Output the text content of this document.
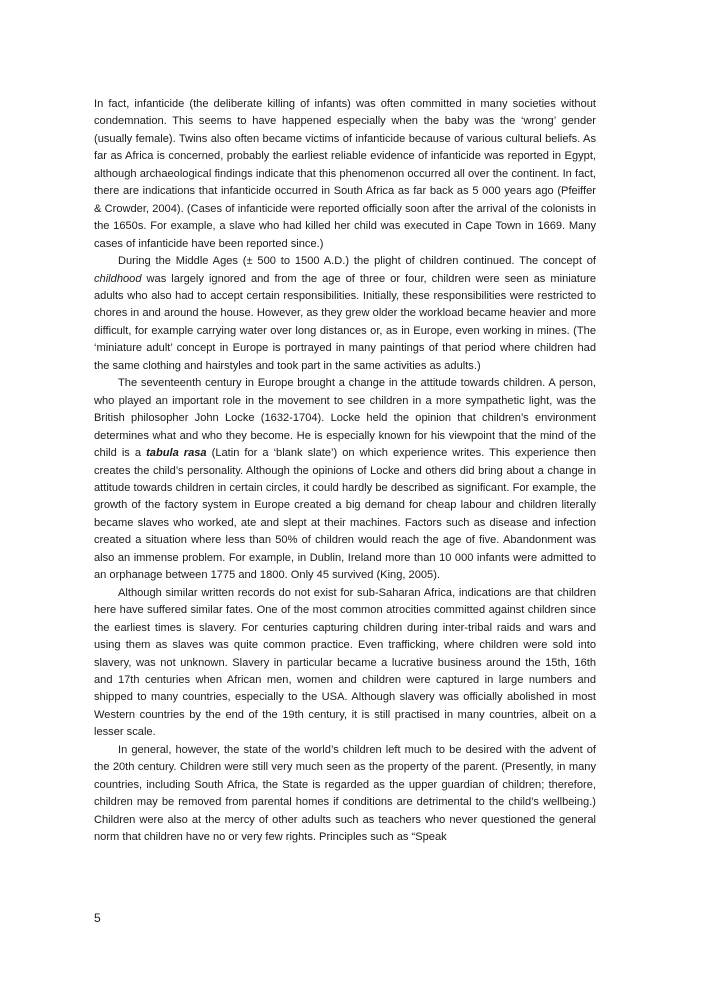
In fact, infanticide (the deliberate killing of infants) was often committed in many societies without condemnation. This seems to have happened especially when the baby was the ‘wrong’ gender (usually female). Twins also often became victims of infanticide because of various cultural beliefs. As far as Africa is concerned, probably the earliest reliable evidence of infanticide was reported in Egypt, although archaeological findings indicate that this phenomenon occurred all over the continent. In fact, there are indications that infanticide occurred in South Africa as far back as 5 000 years ago (Pfeiffer & Crowder, 2004). (Cases of infanticide were reported officially soon after the arrival of the colonists in the 1650s. For example, a slave who had killed her child was executed in Cape Town in 1669. Many cases of infanticide have been reported since.)

During the Middle Ages (± 500 to 1500 A.D.) the plight of children continued. The concept of childhood was largely ignored and from the age of three or four, children were seen as miniature adults who also had to accept certain responsibilities. Initially, these responsibilities were restricted to chores in and around the house. However, as they grew older the workload became heavier and more difficult, for example carrying water over long distances or, as in Europe, even working in mines. (The ‘miniature adult’ concept in Europe is portrayed in many paintings of that period where children had the same clothing and hairstyles and took part in the same activities as adults.)

The seventeenth century in Europe brought a change in the attitude towards children. A person, who played an important role in the movement to see children in a more sympathetic light, was the British philosopher John Locke (1632-1704). Locke held the opinion that children’s environment determines what and who they become. He is especially known for his viewpoint that the mind of the child is a tabula rasa (Latin for a ‘blank slate’) on which experience writes. This experience then creates the child’s personality. Although the opinions of Locke and others did bring about a change in attitude towards children in certain circles, it could hardly be described as significant. For example, the growth of the factory system in Europe created a big demand for cheap labour and children literally became slaves who worked, ate and slept at their machines. Factors such as disease and infection created a situation where less than 50% of children would reach the age of five. Abandonment was also an immense problem. For example, in Dublin, Ireland more than 10 000 infants were admitted to an orphanage between 1775 and 1800. Only 45 survived (King, 2005).

Although similar written records do not exist for sub-Saharan Africa, indications are that children here have suffered similar fates. One of the most common atrocities committed against children since the earliest times is slavery. For centuries capturing children during inter-tribal raids and wars and using them as slaves was quite common practice. Even trafficking, where children were sold into slavery, was not unknown. Slavery in particular became a lucrative business around the 15th, 16th and 17th centuries when African men, women and children were captured in large numbers and shipped to many countries, especially to the USA. Although slavery was officially abolished in most Western countries by the end of the 19th century, it is still practised in many countries, albeit on a lesser scale.

In general, however, the state of the world’s children left much to be desired with the advent of the 20th century. Children were still very much seen as the property of the parent. (Presently, in many countries, including South Africa, the State is regarded as the upper guardian of children; therefore, children may be removed from parental homes if conditions are detrimental to the child’s wellbeing.) Children were also at the mercy of other adults such as teachers who never questioned the general norm that children have no or very few rights. Principles such as “Speak

5
